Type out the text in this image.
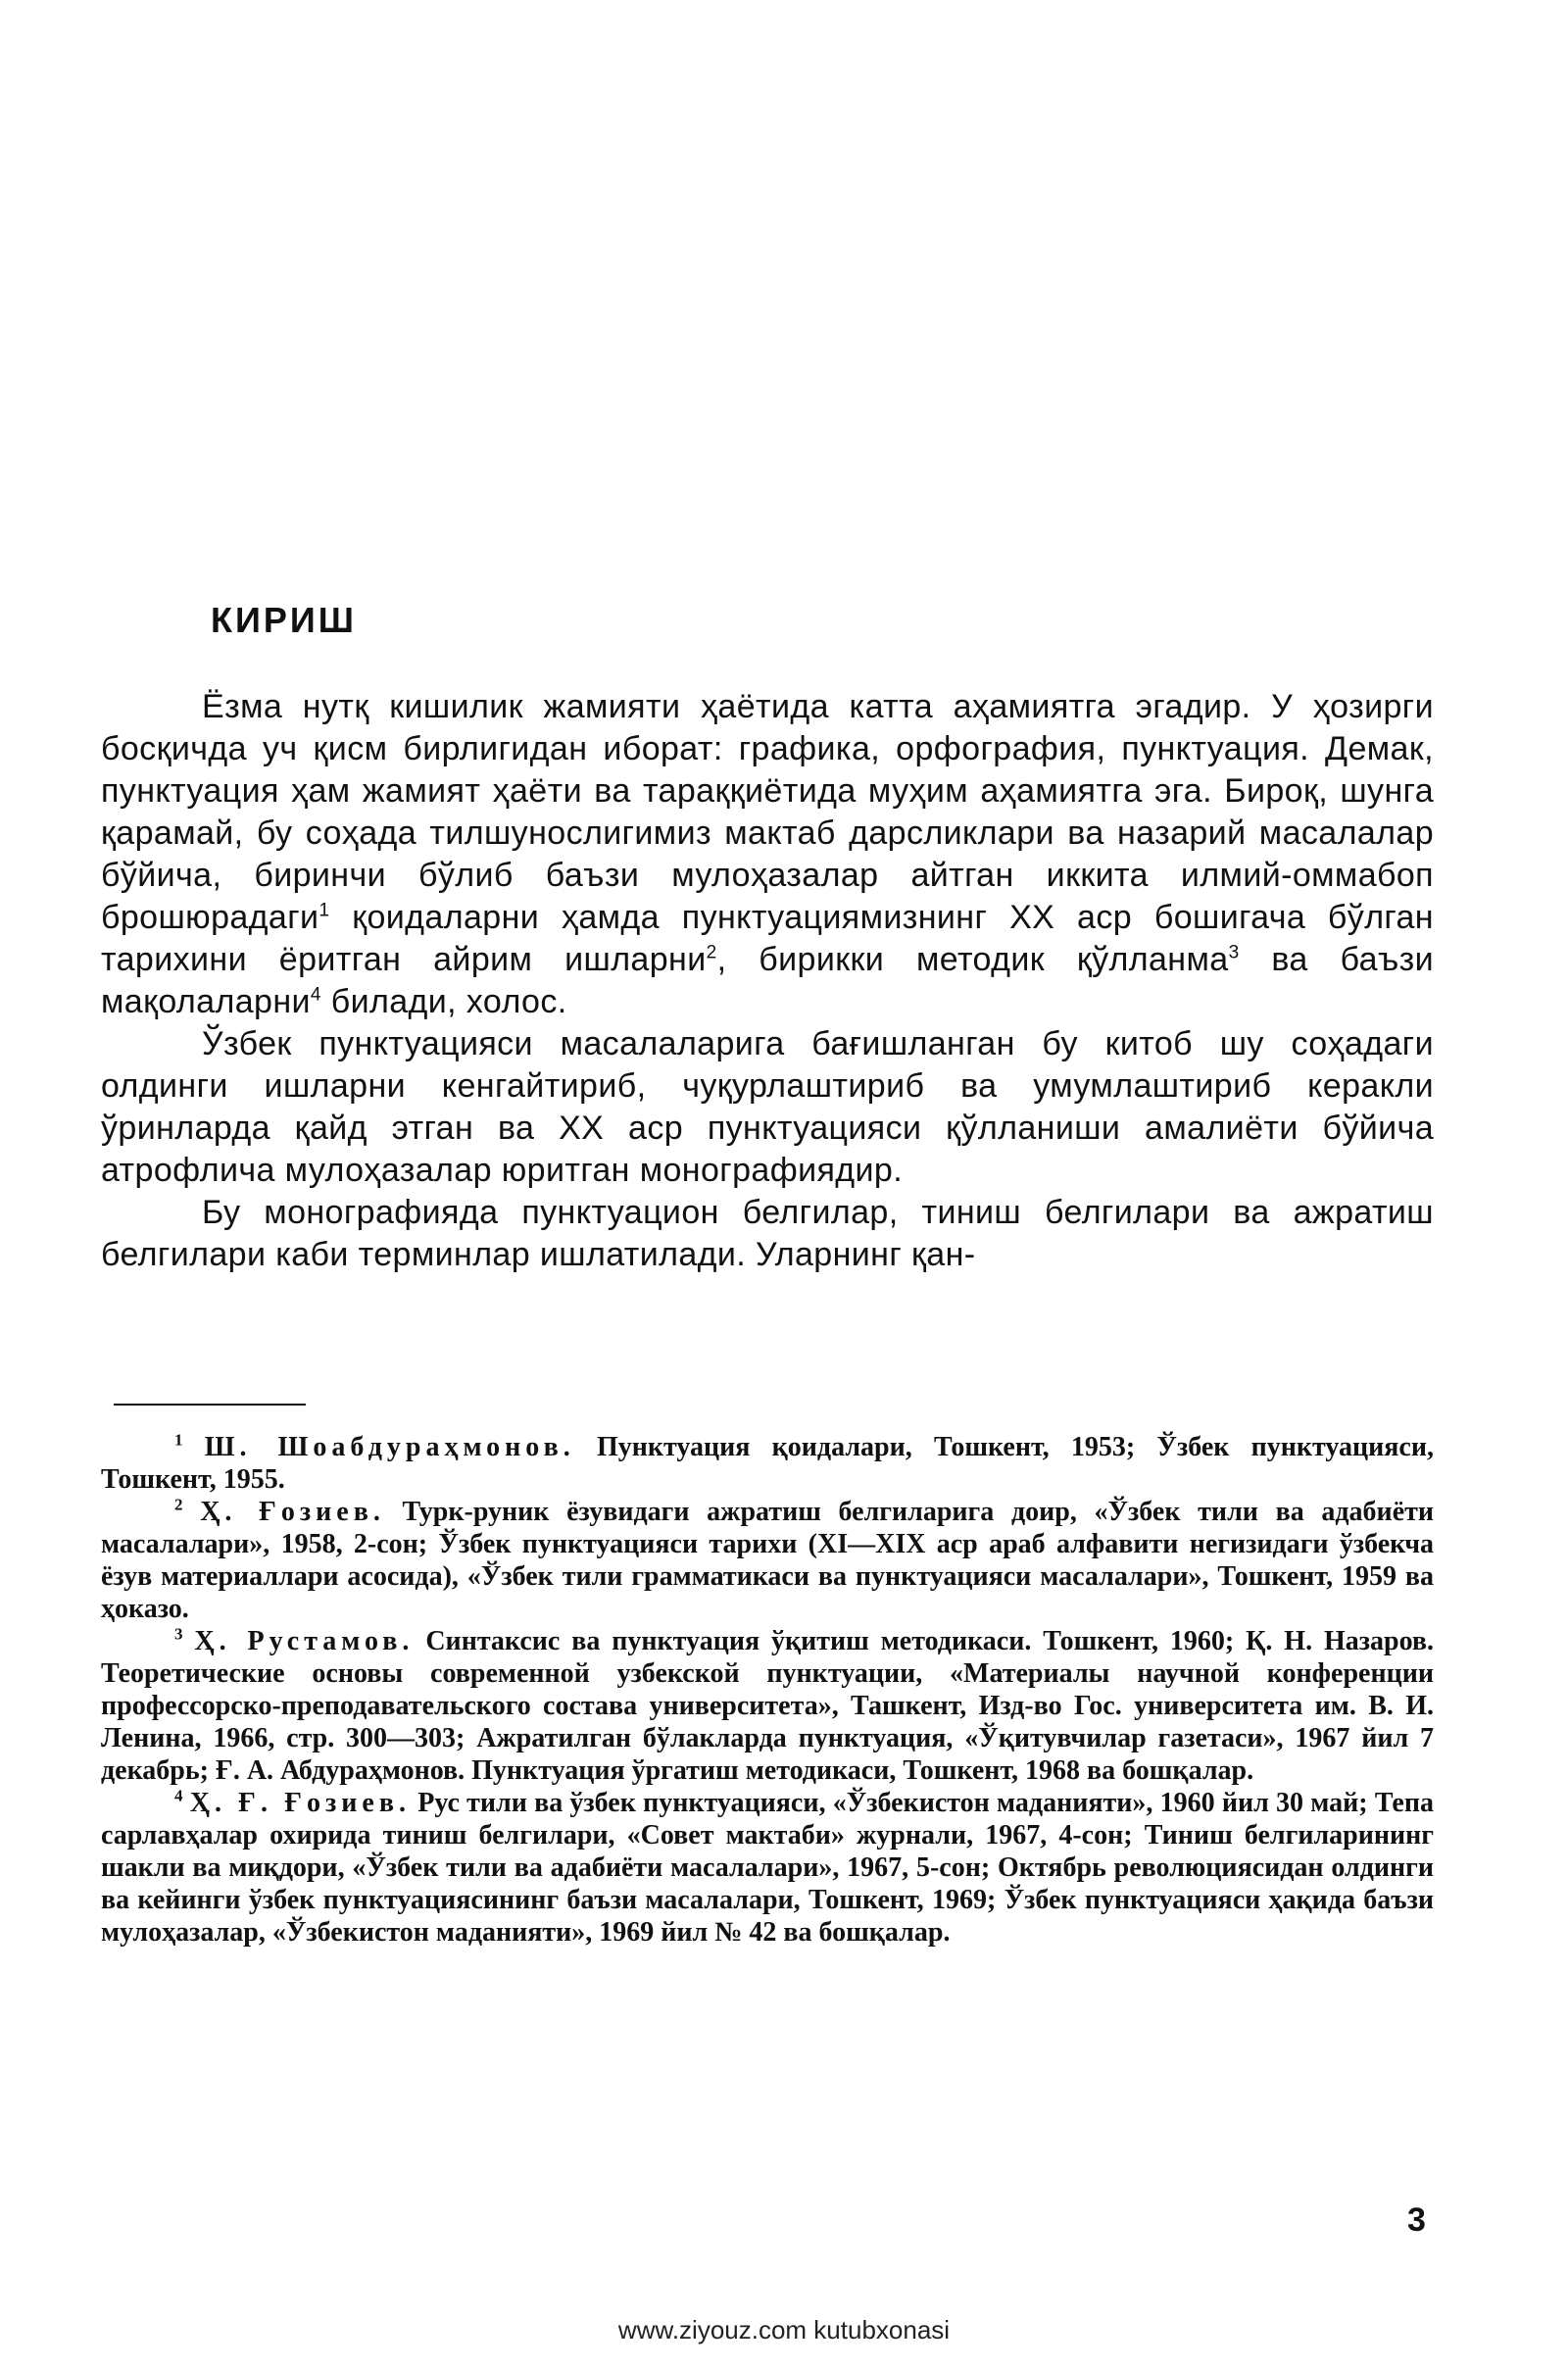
КИРИШ

Ёзма нутқ кишилик жамияти ҳаётида катта аҳамиятга эгадир. У ҳозирги босқичда уч қисм бирлигидан иборат: графика, орфография, пунктуация. Демак, пунктуация ҳам жамият ҳаёти ва тараққиётида муҳим аҳамиятга эга. Бироқ, шунга қарамай, бу соҳада тилшунослигимиз мактаб дарсликлари ва назарий масалалар бўйича, биринчи бўлиб баъзи мулоҳазалар айтган иккита илмий-оммабоп брошюрадаги$^1$ қоидаларни ҳамда пунктуациямизнинг XX аср бошигача бўлган тарихини ёритган айрим ишларни$^2$, бирикки методик қўлланма$^3$ ва баъзи мақолаларни$^4$ билади, холос.

Ўзбек пунктуацияси масалаларига бағишланган бу китоб шу соҳадаги олдинги ишларни кенгайтириб, чуқурлаштириб ва умумлаштириб керакли ўринларда қайд этган ва XX аср пунктуацияси қўлланиши амалиёти бўйича атрофлича мулоҳазалар юритган монографиядир.

Бу монографияда пунктуацион белгилар, тиниш белгилари ва ажратиш белгилари каби терминлар ишлатилади. Уларнинг қан-

$^1$ Ш. Шоабдураҳмонов. Пунктуация қоидалари, Тошкент, 1953; Ўзбек пунктуацияси, Тошкент, 1955.

$^2$ Ҳ. Ғозиев. Турк-руник ёзувидаги ажратиш белгиларига доир, «Ўзбек тили ва адабиёти масалалари», 1958, 2-сон; Ўзбек пунктуацияси тарихи (XI—XIX аср араб алфавити негизидаги ўзбекча ёзув материаллари асосида), «Ўзбек тили грамматикаси ва пунктуацияси масалалари», Тошкент, 1959 ва ҳоказо.

$^3$ Ҳ. Рустамов. Синтаксис ва пунктуация ўқитиш методикаси. Тошкент, 1960; Қ. Н. Назаров. Теоретические основы современной узбекской пунктуации, «Материалы научной конференции профессорско-преподавательского состава университета», Ташкент, Изд-во Гос. университета им. В. И. Ленина, 1966, стр. 300—303; Ажратилган бўлакларда пунктуация, «Ўқитувчилар газетаси», 1967 йил 7 декабрь; Ғ. А. Абдураҳмонов. Пунктуация ўргатиш методикаси, Тошкент, 1968 ва бошқалар.

$^4$ Ҳ. Ғ. Ғозиев. Рус тили ва ўзбек пунктуацияси, «Ўзбекистон маданияти», 1960 йил 30 май; Тепа сарлавҳалар охирида тиниш белгилари, «Совет мактаби» журнали, 1967, 4-сон; Тиниш белгиларининг шакли ва миқдори, «Ўзбек тили ва адабиёти масалалари», 1967, 5-сон; Октябрь революциясидан олдинги ва кейинги ўзбек пунктуациясининг баъзи масалалари, Тошкент, 1969; Ўзбек пунктуацияси ҳақида баъзи мулоҳазалар, «Ўзбекистон маданияти», 1969 йил № 42 ва бошқалар.

3
www.ziyouz.com kutubxonasi
